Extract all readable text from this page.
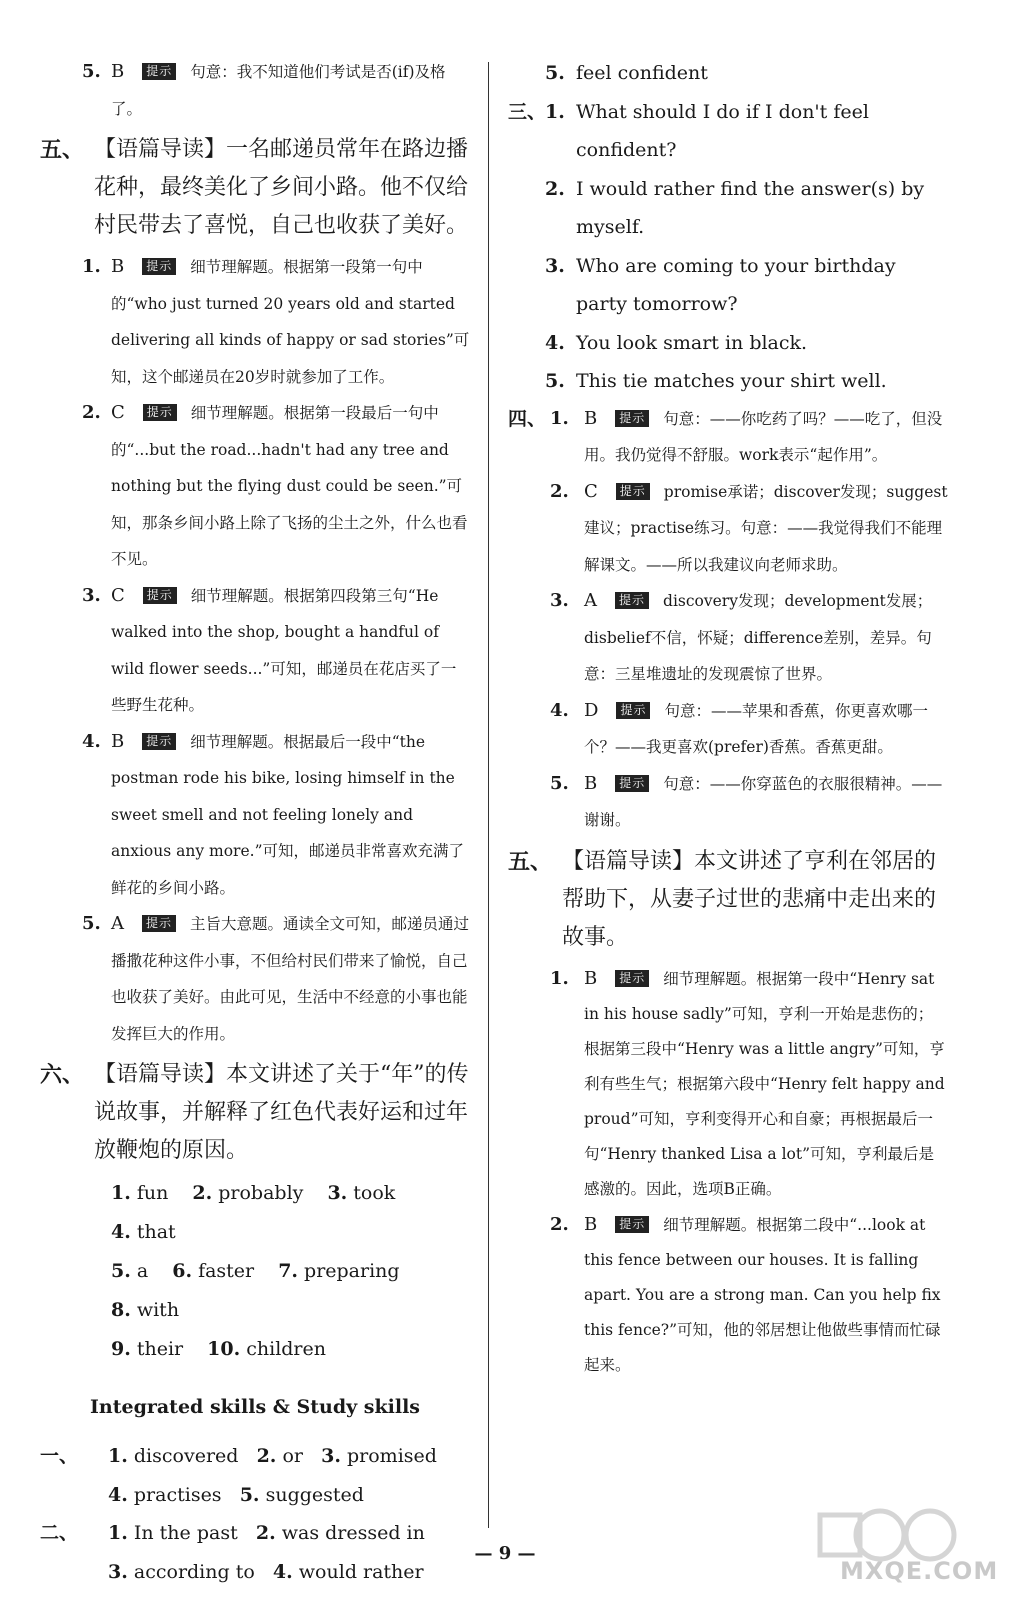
5. B 提示 句意：我不知道他们考试是否(if)及格了。
五、 【语篇导读】一名邮递员常年在路边播花种，最终美化了乡间小路。他不仅给村民带去了喜悦，自己也收获了美好。
1. B 提示 细节理解题。根据第一段第一句中的“who just turned 20 years old and started delivering all kinds of happy or sad stories”可知，这个邮递员在20岁时就参加了工作。
2. C 提示 细节理解题。根据第一段最后一句中的“...but the road...hadn't had any tree and nothing but the flying dust could be seen.”可知，那条乡间小路上除了飞扬的尘土之外，什么也看不见。
3. C 提示 细节理解题。根据第四段第三句“He walked into the shop, bought a handful of wild flower seeds...”可知，邮递员在花店买了一些野生花种。
4. B 提示 细节理解题。根据最后一段中“the postman rode his bike, losing himself in the sweet smell and not feeling lonely and anxious any more.”可知，邮递员非常喜欢充满了鲜花的乡间小路。
5. A 提示 主旨大意题。通读全文可知，邮递员通过播撒花种这件小事，不但给村民们带来了愉悦，自己也收获了美好。由此可见，生活中不经意的小事也能发挥巨大的作用。
六、 【语篇导读】本文讲述了关于“年”的传说故事，并解释了红色代表好运和过年放鞭炮的原因。
1. fun 2. probably 3. took 4. that
5. a 6. faster 7. preparing 8. with
9. their 10. children
Integrated skills & Study skills
一、 1. discovered 2. or 3. promised
4. practises 5. suggested
二、 1. In the past 2. was dressed in
3. according to 4. would rather
5. feel confident
三、
1. What should I do if I don't feel confident?
2. I would rather find the answer(s) by myself.
3. Who are coming to your birthday party tomorrow?
4. You look smart in black.
5. This tie matches your shirt well.
四、 1. B 提示 句意：——你吃药了吗？——吃了，但没用。我仍觉得不舒服。work表示“起作用”。
2. C 提示 promise承诺；discover发现；suggest建议；practise练习。句意：——我觉得我们不能理解课文。——所以我建议向老师求助。
3. A 提示 discovery发现；development发展；disbelief不信，怀疑；difference差别，差异。句意：三星堆遗址的发现震惊了世界。
4. D 提示 句意：——苹果和香蕉，你更喜欢哪一个？——我更喜欢(prefer)香蕉。香蕉更甜。
5. B 提示 句意：——你穿蓝色的衣服很精神。——谢谢。
五、 【语篇导读】本文讲述了亨利在邻居的帮助下，从妻子过世的悲痛中走出来的故事。
1. B 提示 细节理解题。根据第一段中“Henry sat in his house sadly”可知，亨利一开始是悲伤的；根据第三段中“Henry was a little angry”可知，亨利有些生气；根据第六段中“Henry felt happy and proud”可知，亨利变得开心和自豪；再根据最后一句“Henry thanked Lisa a lot”可知，亨利最后是感激的。因此，选项B正确。
2. B 提示 细节理解题。根据第二段中“...look at this fence between our houses. It is falling apart. You are a strong man. Can you help fix this fence?”可知，他的邻居想让他做些事情而忙碌起来。
— 9 —
MXQE.COM
